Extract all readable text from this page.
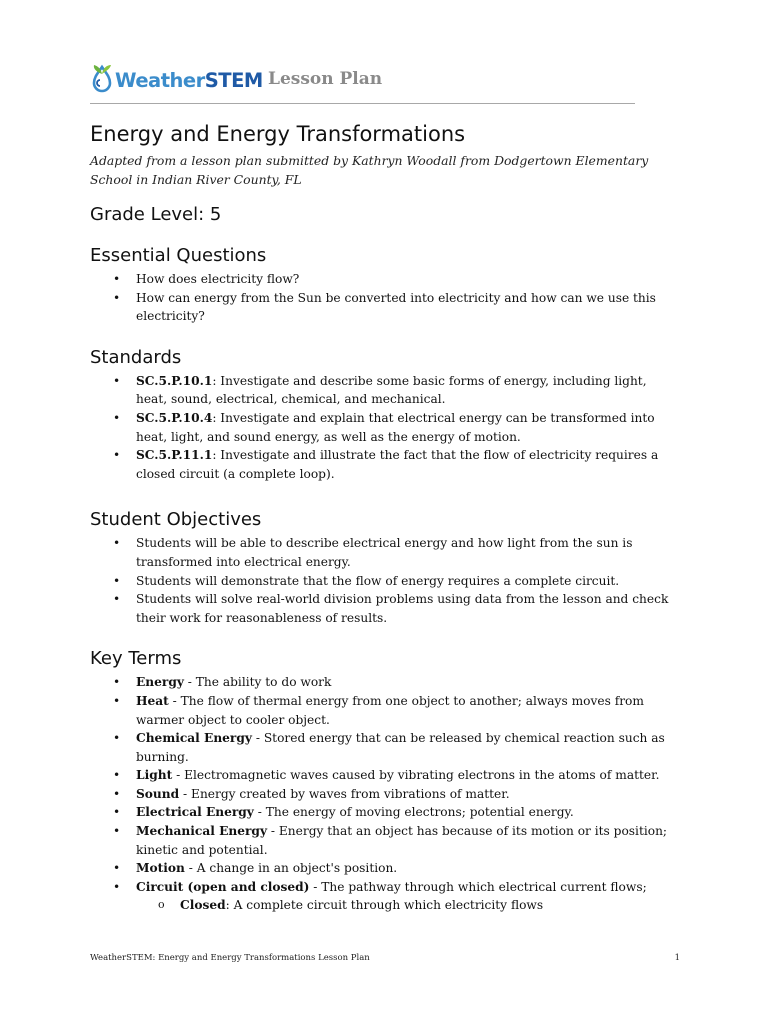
WeatherSTEM Lesson Plan
Energy and Energy Transformations

Adapted from a lesson plan submitted by Kathryn Woodall from Dodgertown Elementary School in Indian River County, FL

Grade Level: 5
Essential Questions
• How does electricity flow?
• How can energy from the Sun be converted into electricity and how can we use this electricity?
Standards
• SC.5.P.10.1: Investigate and describe some basic forms of energy, including light, heat, sound, electrical, chemical, and mechanical.
• SC.5.P.10.4: Investigate and explain that electrical energy can be transformed into heat, light, and sound energy, as well as the energy of motion.
• SC.5.P.11.1: Investigate and illustrate the fact that the flow of electricity requires a closed circuit (a complete loop).
Student Objectives
• Students will be able to describe electrical energy and how light from the sun is transformed into electrical energy.
• Students will demonstrate that the flow of energy requires a complete circuit.
• Students will solve real-world division problems using data from the lesson and check their work for reasonableness of results.
Key Terms
• Energy - The ability to do work
• Heat - The flow of thermal energy from one object to another; always moves from warmer object to cooler object.
• Chemical Energy - Stored energy that can be released by chemical reaction such as burning.
• Light - Electromagnetic waves caused by vibrating electrons in the atoms of matter.
• Sound - Energy created by waves from vibrations of matter.
• Electrical Energy - The energy of moving electrons; potential energy.
• Mechanical Energy - Energy that an object has because of its motion or its position; kinetic and potential.
• Motion - A change in an object's position.
• Circuit (open and closed) - The pathway through which electrical current flows;
o Closed: A complete circuit through which electricity flows
WeatherSTEM: Energy and Energy Transformations Lesson Plan	1
